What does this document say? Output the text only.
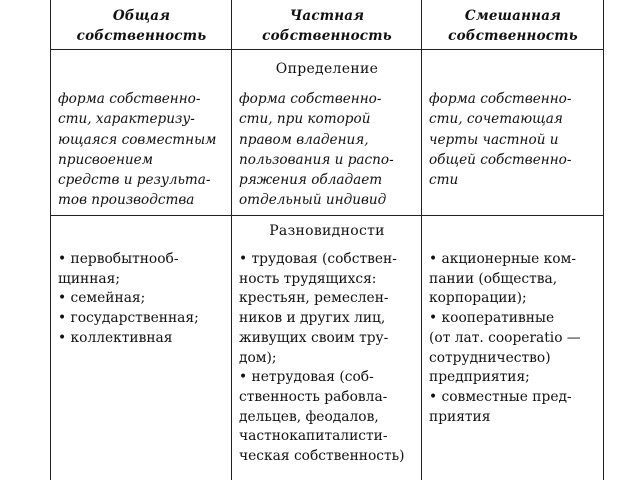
Общая
собственность
Частная
собственность
Смешанная
собственность
Определение
форма собственно-
сти, характеризу-
ющаяся совместным
присвоением
средств и результа-
тов производства
форма собственно-
сти, при которой
правом владения,
пользования и распо-
ряжения обладает
отдельный индивид
форма собственно-
сти, сочетающая
черты частной и
общей собственно-
сти
Разновидности
• первобытнооб-
щинная;
• семейная;
• государственная;
• коллективная
• трудовая (собствен-
ность трудящихся:
крестьян, ремеслен-
ников и других лиц,
живущих своим тру-
дом);
• нетрудовая (соб-
ственность рабовла-
дельцев, феодалов,
частнокапиталисти-
ческая собственность)
• акционерные ком-
пании (общества,
корпорации);
• кооперативные
(от лат. cooperatio —
сотрудничество)
предприятия;
• совместные пред-
приятия
